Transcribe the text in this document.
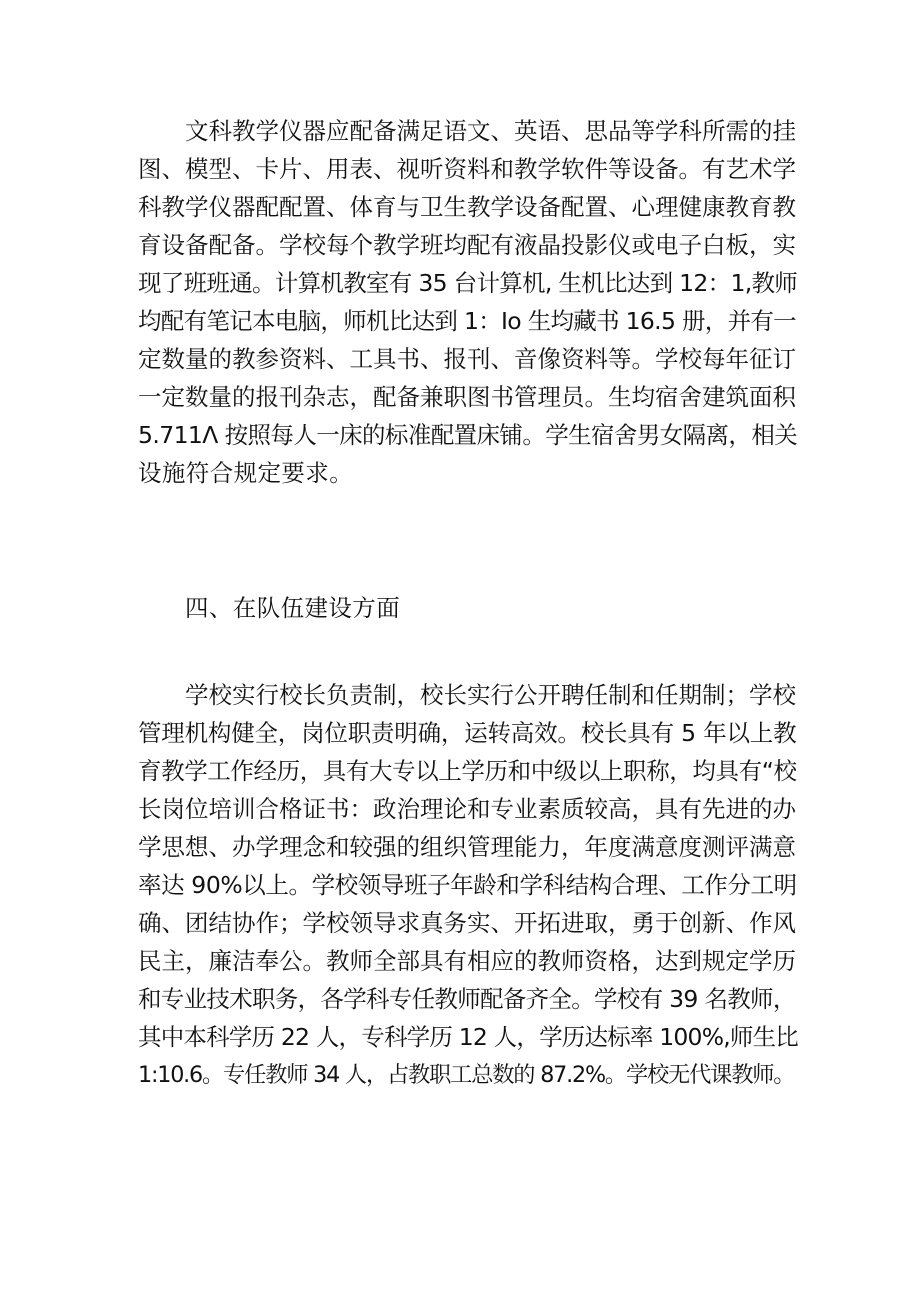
文科教学仪器应配备满足语文、英语、思品等学科所需的挂
图、模型、卡片、用表、视听资料和教学软件等设备。有艺术学
科教学仪器配配置、体育与卫生教学设备配置、心理健康教育教
育设备配备。学校每个教学班均配有液晶投影仪或电子白板，实
现了班班通。计算机教室有 35 台计算机, 生机比达到 12：1,教师
均配有笔记本电脑，师机比达到 1：Io 生均藏书 16.5 册，并有一
定数量的教参资料、工具书、报刊、音像资料等。学校每年征订
一定数量的报刊杂志，配备兼职图书管理员。生均宿舍建筑面积
5.711Λ 按照每人一床的标准配置床铺。学生宿舍男女隔离，相关
设施符合规定要求。
四、在队伍建设方面
学校实行校长负责制，校长实行公开聘任制和任期制；学校
管理机构健全，岗位职责明确，运转高效。校长具有 5 年以上教
育教学工作经历，具有大专以上学历和中级以上职称，均具有“校
长岗位培训合格证书：政治理论和专业素质较高，具有先进的办
学思想、办学理念和较强的组织管理能力，年度满意度测评满意
率达 90%以上。学校领导班子年龄和学科结构合理、工作分工明
确、团结协作；学校领导求真务实、开拓进取，勇于创新、作风
民主，廉洁奉公。教师全部具有相应的教师资格，达到规定学历
和专业技术职务，各学科专任教师配备齐全。学校有 39 名教师，
其中本科学历 22 人，专科学历 12 人，学历达标率 100%,师生比
1:10.6。专任教师 34 人，占教职工总数的 87.2%。学校无代课教师。
